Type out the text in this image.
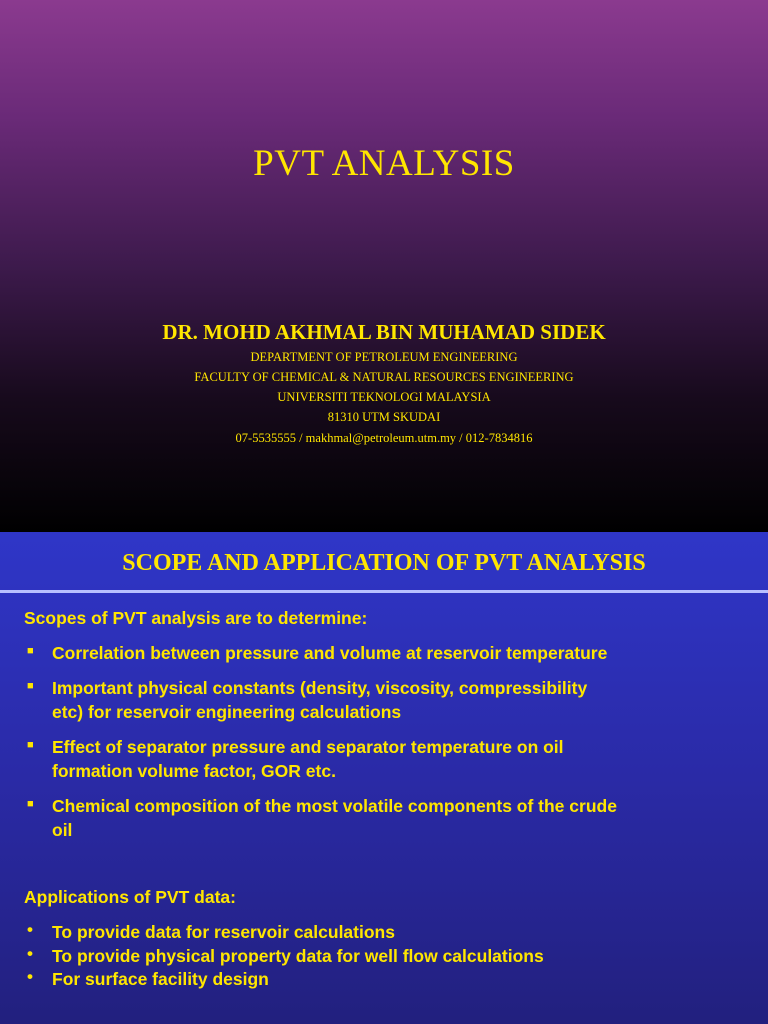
PVT ANALYSIS
DR. MOHD AKHMAL BIN MUHAMAD SIDEK
DEPARTMENT OF PETROLEUM ENGINEERING
FACULTY OF CHEMICAL & NATURAL RESOURCES ENGINEERING
UNIVERSITI TEKNOLOGI MALAYSIA
81310 UTM SKUDAI
07-5535555 / makhmal@petroleum.utm.my / 012-7834816
SCOPE AND APPLICATION OF PVT ANALYSIS
Scopes of PVT analysis are to determine:
■ Correlation between pressure and volume at reservoir temperature
■ Important physical constants (density, viscosity, compressibility
etc) for reservoir engineering calculations
■ Effect of separator pressure and separator temperature on oil
formation volume factor, GOR etc.
■ Chemical composition of the most volatile components of the crude
oil
Applications of PVT data:
• To provide data for reservoir calculations
• To provide physical property data for well flow calculations
• For surface facility design
